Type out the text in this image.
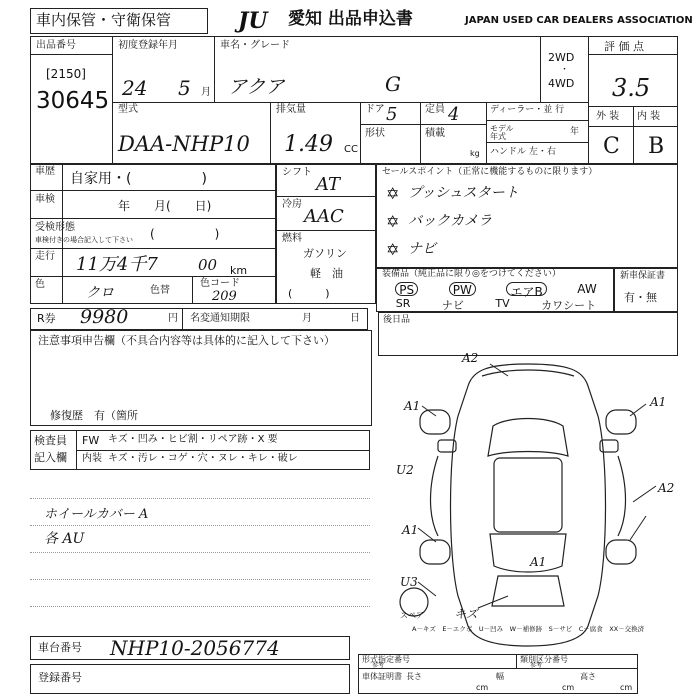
車内保管・守衛保管	JU	愛知 出品申込書	JAPAN USED CAR DEALERS ASSOCIATION
出品番号
[2150]
30645
初度登録年月
24 5 月
車名・グレード
アクア	G
2WD
・
4WD
評 価 点
3.5
外 装 内 装
C B
型式
DAA-NHP10
排気量
1.49 CC
ドア 5	定員 4
形状	積載
kg
ディーラー・並 行
モデル 年式	年
ハンドル 左・右
車歴 自家用・(　　　　　)
車検	年　　月(　　日)
受検形態
車検付きの場合記入して下さい (　　　　　)
走行 11万4千7	00 km
色
クロ	色替
色コード
209
シフト
AT
冷房
AAC
燃料
ガソリン
軽　油
(　　　)
セールスポイント（正常に機能するものに限ります）
✡ プッシュスタート
✡ バックカメラ
✡ ナビ
装備品（純正品に限り◎をつけてください）
PS	PW	エアB	AW
SR	ナビ	TV	カワシート
新車保証書
有・無
R券 9980	円 名変通知期限	月	日	後日品
注意事項申告欄（不具合内容等は具体的に記入して下さい）
修復歴　有（箇所
検査員
記入欄
FW キズ・凹み・ヒビ割・リペア跡・X 要
内装 キズ・汚レ・コゲ・穴・ヌレ・キレ・破レ
ホイールカバー A
各 AU
A2
A1	A1
U2
A2
A1
A1
U3
キズ
スペア
A－キズ　E－エクボ　U－凹み　W－補修跡　S－サビ　C－腐食　XX－交換済
車台番号 NHP10-2056774
登録番号
形式指定番号
参考
類別区分番号
参考
車体証明書 長さ
cm
幅
cm
高さ
cm
